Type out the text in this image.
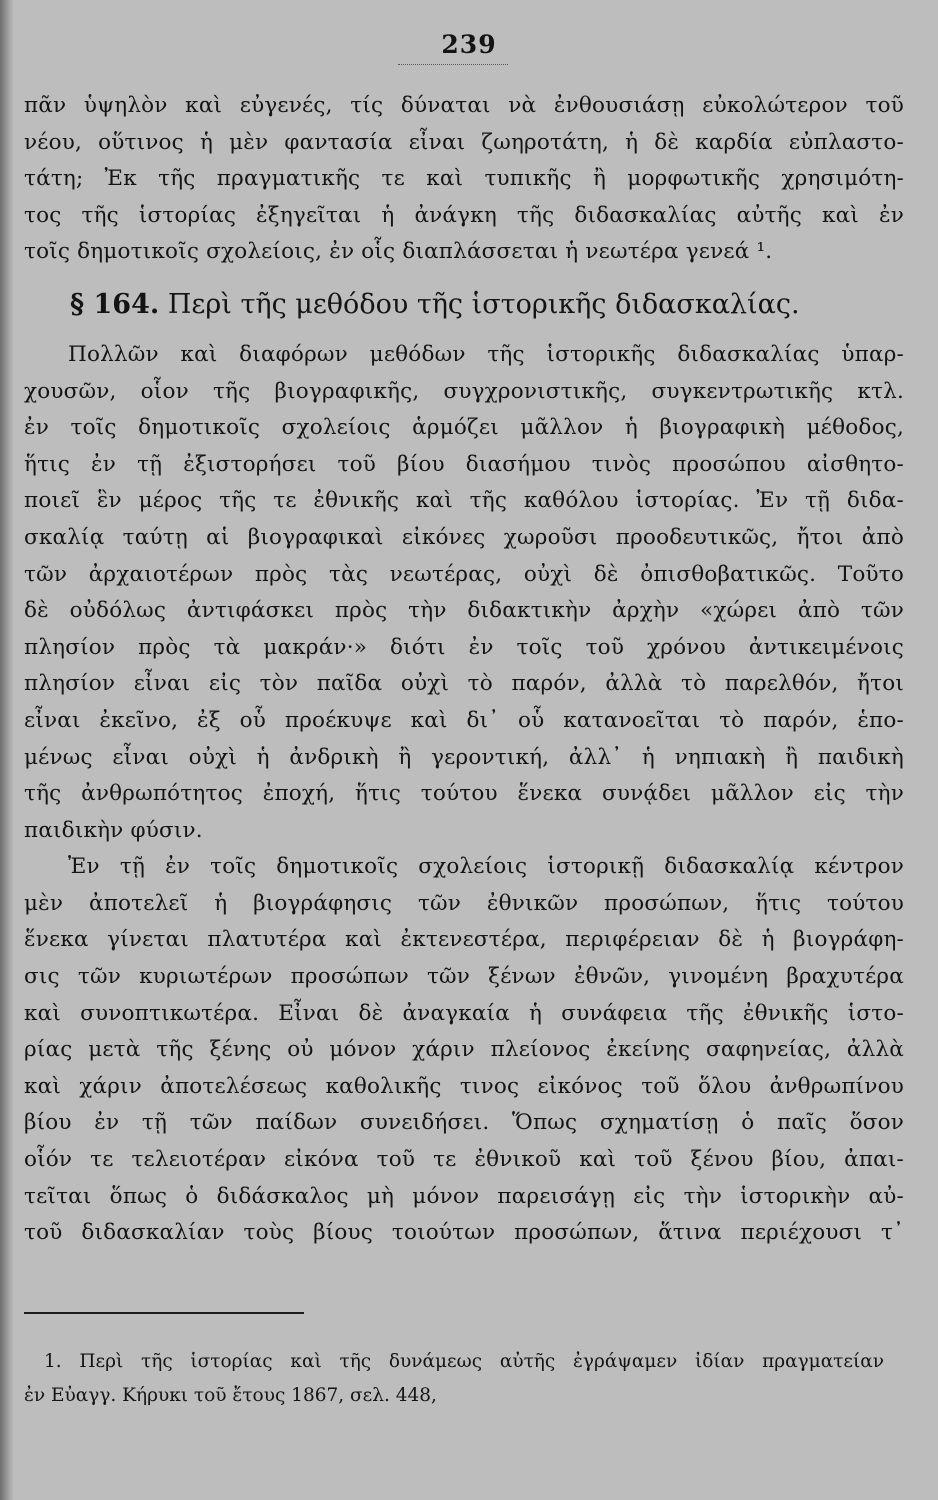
239
πᾶν ὑψηλὸν καὶ εὐγενές, τίς δύναται νὰ ἐνθουσιάσῃ εὐκολώτερον τοῦ
νέου, οὕτινος ἡ μὲν φαντασία εἶναι ζωηροτάτη, ἡ δὲ καρδία εὐπλαστο-
τάτη; Ἐκ τῆς πραγματικῆς τε καὶ τυπικῆς ἢ μορφωτικῆς χρησιμότη-
τος τῆς ἱστορίας ἐξηγεῖται ἡ ἀνάγκη τῆς διδασκαλίας αὐτῆς καὶ ἐν
τοῖς δημοτικοῖς σχολείοις, ἐν οἷς διαπλάσσεται ἡ νεωτέρα γενεά ¹.
§ 164. Περὶ τῆς μεθόδου τῆς ἱστορικῆς διδασκαλίας.
Πολλῶν καὶ διαφόρων μεθόδων τῆς ἱστορικῆς διδασκαλίας ὑπαρ-
χουσῶν, οἷον τῆς βιογραφικῆς, συγχρονιστικῆς, συγκεντρωτικῆς κτλ.
ἐν τοῖς δημοτικοῖς σχολείοις ἁρμόζει μᾶλλον ἡ βιογραφικὴ μέθοδος,
ἥτις ἐν τῇ ἐξιστορήσει τοῦ βίου διασήμου τινὸς προσώπου αἰσθητο-
ποιεῖ ἓν μέρος τῆς τε ἐθνικῆς καὶ τῆς καθόλου ἱστορίας. Ἐν τῇ διδα-
σκαλίᾳ ταύτῃ αἱ βιογραφικαὶ εἰκόνες χωροῦσι προοδευτικῶς, ἤτοι ἀπὸ
τῶν ἀρχαιοτέρων πρὸς τὰς νεωτέρας, οὐχὶ δὲ ὀπισθοβατικῶς. Τοῦτο
δὲ οὐδόλως ἀντιφάσκει πρὸς τὴν διδακτικὴν ἀρχὴν «χώρει ἀπὸ τῶν
πλησίον πρὸς τὰ μακράν·» διότι ἐν τοῖς τοῦ χρόνου ἀντικειμένοις
πλησίον εἶναι εἰς τὸν παῖδα οὐχὶ τὸ παρόν, ἀλλὰ τὸ παρελθόν, ἤτοι
εἶναι ἐκεῖνο, ἐξ οὗ προέκυψε καὶ δι᾽ οὗ κατανοεῖται τὸ παρόν, ἑπο-
μένως εἶναι οὐχὶ ἡ ἀνδρικὴ ἢ γεροντική, ἀλλ᾽ ἡ νηπιακὴ ἢ παιδικὴ
τῆς ἀνθρωπότητος ἐποχή, ἥτις τούτου ἕνεκα συνᾴδει μᾶλλον εἰς τὴν
παιδικὴν φύσιν.
Ἐν τῇ ἐν τοῖς δημοτικοῖς σχολείοις ἱστορικῇ διδασκαλίᾳ κέντρον
μὲν ἀποτελεῖ ἡ βιογράφησις τῶν ἐθνικῶν προσώπων, ἥτις τούτου
ἕνεκα γίνεται πλατυτέρα καὶ ἐκτενεστέρα, περιφέρειαν δὲ ἡ βιογράφη-
σις τῶν κυριωτέρων προσώπων τῶν ξένων ἐθνῶν, γινομένη βραχυτέρα
καὶ συνοπτικωτέρα. Εἶναι δὲ ἀναγκαία ἡ συνάφεια τῆς ἐθνικῆς ἱστο-
ρίας μετὰ τῆς ξένης οὐ μόνον χάριν πλείονος ἐκείνης σαφηνείας, ἀλλὰ
καὶ χάριν ἀποτελέσεως καθολικῆς τινος εἰκόνος τοῦ ὅλου ἀνθρωπίνου
βίου ἐν τῇ τῶν παίδων συνειδήσει. Ὅπως σχηματίσῃ ὁ παῖς ὅσον
οἷόν τε τελειοτέραν εἰκόνα τοῦ τε ἐθνικοῦ καὶ τοῦ ξένου βίου, ἀπαι-
τεῖται ὅπως ὁ διδάσκαλος μὴ μόνον παρεισάγῃ εἰς τὴν ἱστορικὴν αὐ-
τοῦ διδασκαλίαν τοὺς βίους τοιούτων προσώπων, ἅτινα περιέχουσι τ᾽
1. Περὶ τῆς ἱστορίας καὶ τῆς δυνάμεως αὐτῆς ἐγράψαμεν ἰδίαν πραγματείαν
ἐν Εὐαγγ. Κήρυκι τοῦ ἔτους 1867, σελ. 448,
